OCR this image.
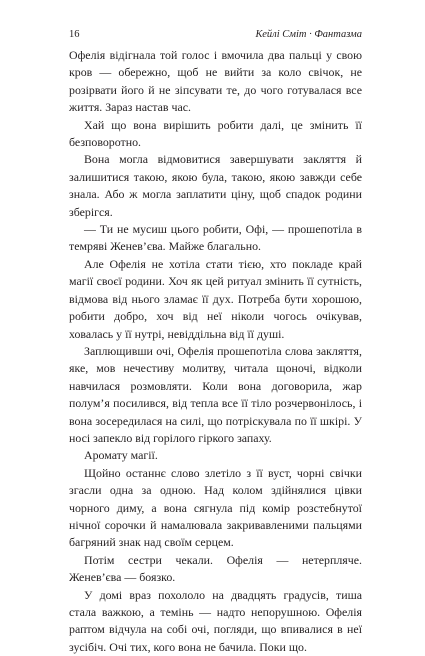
16	Кейлі Сміт · Фантазма

Офелія відігнала той голос і вмочила два пальці у свою кров — обережно, щоб не вийти за коло свічок, не розірвати його й не зіпсувати те, до чого готувалася все життя. Зараз настав час.

Хай що вона вирішить робити далі, це змінить її безповоротно.

Вона могла відмовитися завершувати закляття й залишитися такою, якою була, такою, якою завжди себе знала. Або ж могла заплатити ціну, щоб спадок родини зберігся.

— Ти не мусиш цього робити, Офі, — прошепотіла в темряві Женев’єва. Майже благально.

Але Офелія не хотіла стати тією, хто покладе край магії своєї родини. Хоч як цей ритуал змінить її сутність, відмова від нього зламає її дух. Потреба бути хорошою, робити добро, хоч від неї ніколи чогось очікував, ховалась у її нутрі, невіддільна від її душі.

Заплющивши очі, Офелія прошепотіла слова закляття, яке, мов нечестиву молитву, читала щоночі, відколи навчилася розмовляти. Коли вона договорила, жар полум’я посилився, від тепла все її тіло розчервонілось, і вона зосередилася на силі, що потріскувала по її шкірі. У носі запекло від горілого гіркого запаху.

Аромату магії.

Щойно останнє слово злетіло з її вуст, чорні свічки згасли одна за одною. Над колом здійнялися цівки чорного диму, а вона сягнула під комір розстебнутої нічної сорочки й намалювала закривавленими пальцями багряний знак над своїм серцем.

Потім сестри чекали. Офелія — нетерпляче. Женев’єва — боязко.

У домі враз похололо на двадцять градусів, тиша стала важкою, а темінь — надто непорушною. Офелія раптом відчула на собі очі, погляди, що впивалися в неї зусібіч. Очі тих, кого вона не бачила. Поки що.
